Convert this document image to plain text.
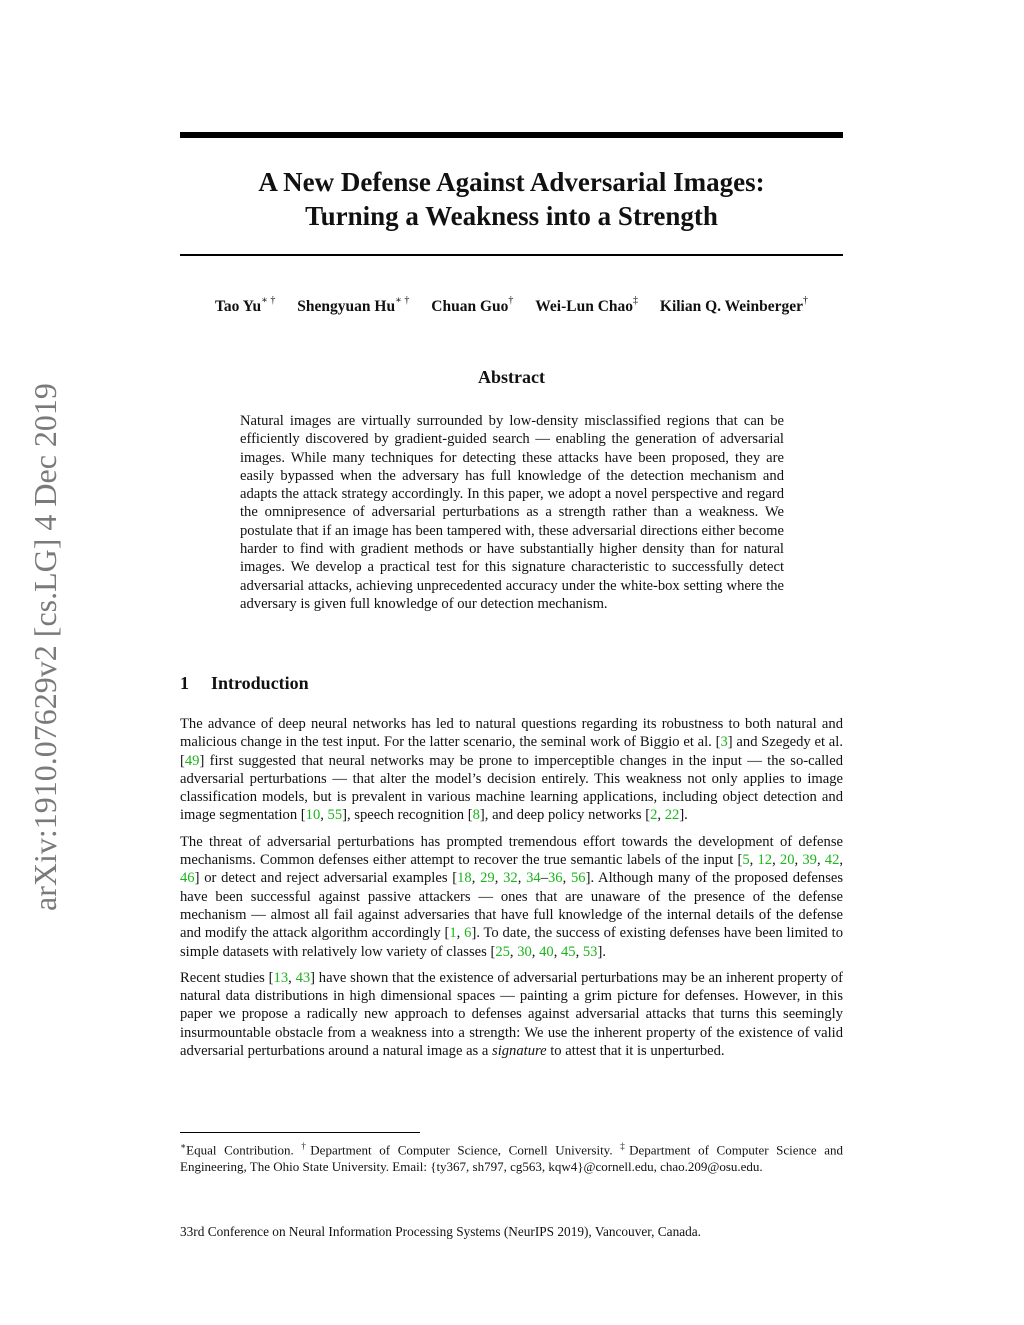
arXiv:1910.07629v2 [cs.LG] 4 Dec 2019
A New Defense Against Adversarial Images:
Turning a Weakness into a Strength
Tao Yu∗ † Shengyuan Hu∗ † Chuan Guo† Wei-Lun Chao‡ Kilian Q. Weinberger†
Abstract
Natural images are virtually surrounded by low-density misclassified regions that can be efficiently discovered by gradient-guided search — enabling the generation of adversarial images. While many techniques for detecting these attacks have been proposed, they are easily bypassed when the adversary has full knowledge of the detection mechanism and adapts the attack strategy accordingly. In this paper, we adopt a novel perspective and regard the omnipresence of adversarial perturbations as a strength rather than a weakness. We postulate that if an image has been tampered with, these adversarial directions either become harder to find with gradient methods or have substantially higher density than for natural images. We develop a practical test for this signature characteristic to successfully detect adversarial attacks, achieving unprecedented accuracy under the white-box setting where the adversary is given full knowledge of our detection mechanism.
1 Introduction

The advance of deep neural networks has led to natural questions regarding its robustness to both natural and malicious change in the test input. For the latter scenario, the seminal work of Biggio et al. [3] and Szegedy et al. [49] first suggested that neural networks may be prone to imperceptible changes in the input — the so-called adversarial perturbations — that alter the model’s decision entirely. This weakness not only applies to image classification models, but is prevalent in various machine learning applications, including object detection and image segmentation [10, 55], speech recognition [8], and deep policy networks [2, 22].

The threat of adversarial perturbations has prompted tremendous effort towards the development of defense mechanisms. Common defenses either attempt to recover the true semantic labels of the input [5, 12, 20, 39, 42, 46] or detect and reject adversarial examples [18, 29, 32, 34–36, 56]. Although many of the proposed defenses have been successful against passive attackers — ones that are unaware of the presence of the defense mechanism — almost all fail against adversaries that have full knowledge of the internal details of the defense and modify the attack algorithm accordingly [1, 6]. To date, the success of existing defenses have been limited to simple datasets with relatively low variety of classes [25, 30, 40, 45, 53].

Recent studies [13, 43] have shown that the existence of adversarial perturbations may be an inherent property of natural data distributions in high dimensional spaces — painting a grim picture for defenses. However, in this paper we propose a radically new approach to defenses against adversarial attacks that turns this seemingly insurmountable obstacle from a weakness into a strength: We use the inherent property of the existence of valid adversarial perturbations around a natural image as a signature to attest that it is unperturbed.

∗Equal Contribution. †Department of Computer Science, Cornell University. ‡Department of Computer Science and Engineering, The Ohio State University. Email: {ty367, sh797, cg563, kqw4}@cornell.edu, chao.209@osu.edu.
33rd Conference on Neural Information Processing Systems (NeurIPS 2019), Vancouver, Canada.
